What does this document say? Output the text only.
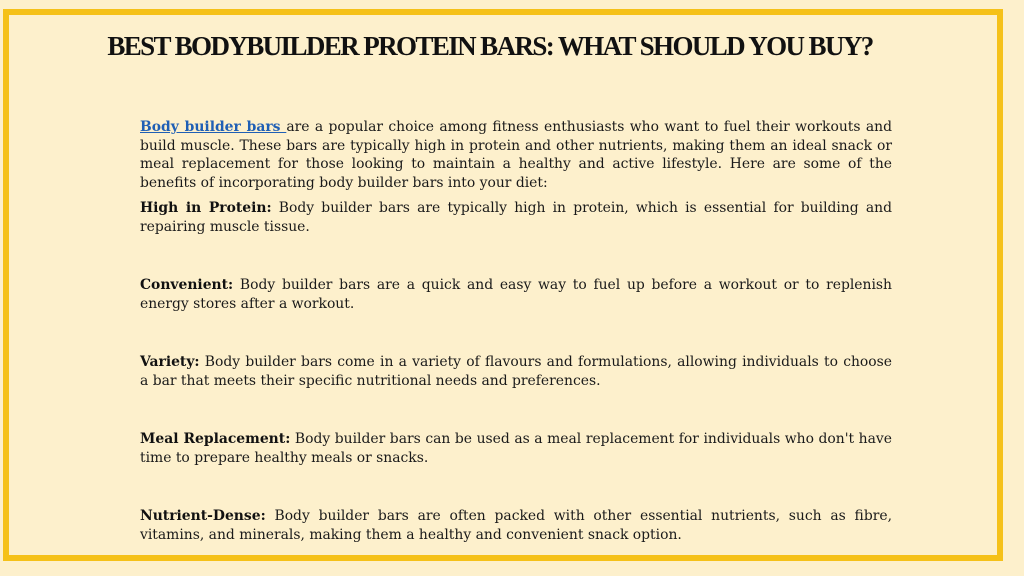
BEST BODYBUILDER PROTEIN BARS: WHAT SHOULD YOU BUY?

Body builder bars are a popular choice among fitness enthusiasts who want to fuel their workouts and build muscle. These bars are typically high in protein and other nutrients, making them an ideal snack or meal replacement for those looking to maintain a healthy and active lifestyle. Here are some of the benefits of incorporating body builder bars into your diet:

High in Protein: Body builder bars are typically high in protein, which is essential for building and repairing muscle tissue.

Convenient: Body builder bars are a quick and easy way to fuel up before a workout or to replenish energy stores after a workout.

Variety: Body builder bars come in a variety of flavours and formulations, allowing individuals to choose a bar that meets their specific nutritional needs and preferences.

Meal Replacement: Body builder bars can be used as a meal replacement for individuals who don't have time to prepare healthy meals or snacks.

Nutrient-Dense: Body builder bars are often packed with other essential nutrients, such as fibre, vitamins, and minerals, making them a healthy and convenient snack option.
